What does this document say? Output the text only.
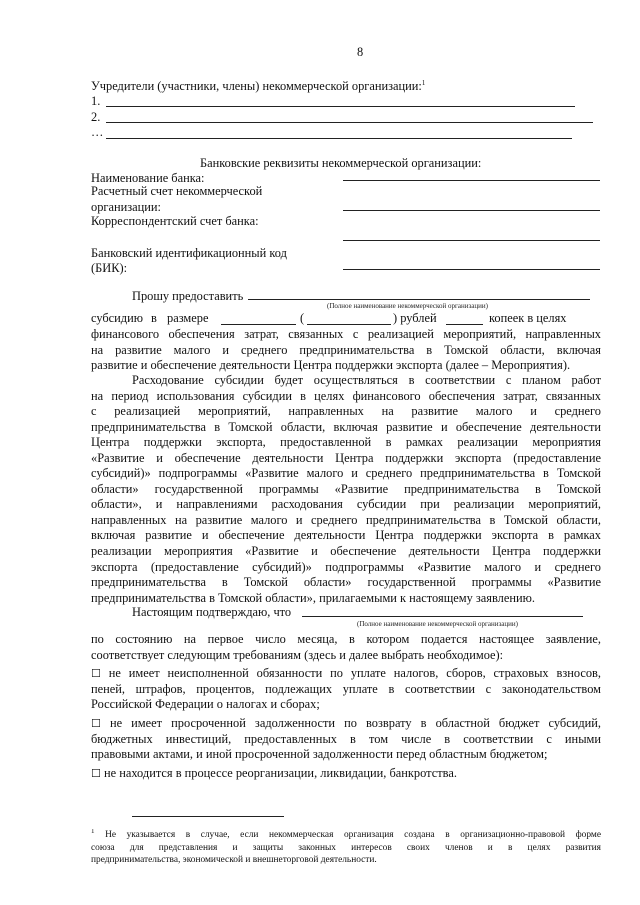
8
Учредители (участники, члены) некоммерческой организации:$^1$
1.
2.
…
Банковские реквизиты некоммерческой организации:
Наименование банка:
Расчетный счет некоммерческой
организации:
Корреспондентский счет банка:
Банковский идентификационный код
(БИК):
Прошу предоставить
(Полное наименование некоммерческой организации)
субсидию в размере	(	) рублей	копеек в целях
финансового обеспечения затрат, связанных с реализацией мероприятий, направленных
на развитие малого и среднего предпринимательства в Томской области, включая
развитие и обеспечение деятельности Центра поддержки экспорта (далее – Мероприятия).
Расходование субсидии будет осуществляться в соответствии с планом работ
на период использования субсидии в целях финансового обеспечения затрат, связанных
с реализацией мероприятий, направленных на развитие малого и среднего
предпринимательства в Томской области, включая развитие и обеспечение деятельности
Центра поддержки экспорта, предоставленной в рамках реализации мероприятия
«Развитие и обеспечение деятельности Центра поддержки экспорта (предоставление
субсидий)» подпрограммы «Развитие малого и среднего предпринимательства в Томской
области» государственной программы «Развитие предпринимательства в Томской
области», и направлениями расходования субсидии при реализации мероприятий,
направленных на развитие малого и среднего предпринимательства в Томской области,
включая развитие и обеспечение деятельности Центра поддержки экспорта в рамках
реализации мероприятия «Развитие и обеспечение деятельности Центра поддержки
экспорта (предоставление субсидий)» подпрограммы «Развитие малого и среднего
предпринимательства в Томской области» государственной программы «Развитие
предпринимательства в Томской области», прилагаемыми к настоящему заявлению.
Настоящим подтверждаю, что
(Полное наименование некоммерческой организации)
по состоянию на первое число месяца, в котором подается настоящее заявление,
соответствует следующим требованиям (здесь и далее выбрать необходимое):
☐ не имеет неисполненной обязанности по уплате налогов, сборов, страховых взносов,
пеней, штрафов, процентов, подлежащих уплате в соответствии с законодательством
Российской Федерации о налогах и сборах;
☐ не имеет просроченной задолженности по возврату в областной бюджет субсидий,
бюджетных инвестиций, предоставленных в том числе в соответствии с иными
правовыми актами, и иной просроченной задолженности перед областным бюджетом;
☐ не находится в процессе реорганизации, ликвидации, банкротства.
$^1$ Не указывается в случае, если некоммерческая организация создана в организационно-правовой форме
союза для представления и защиты законных интересов своих членов и в целях развития
предпринимательства, экономической и внешнеторговой деятельности.
